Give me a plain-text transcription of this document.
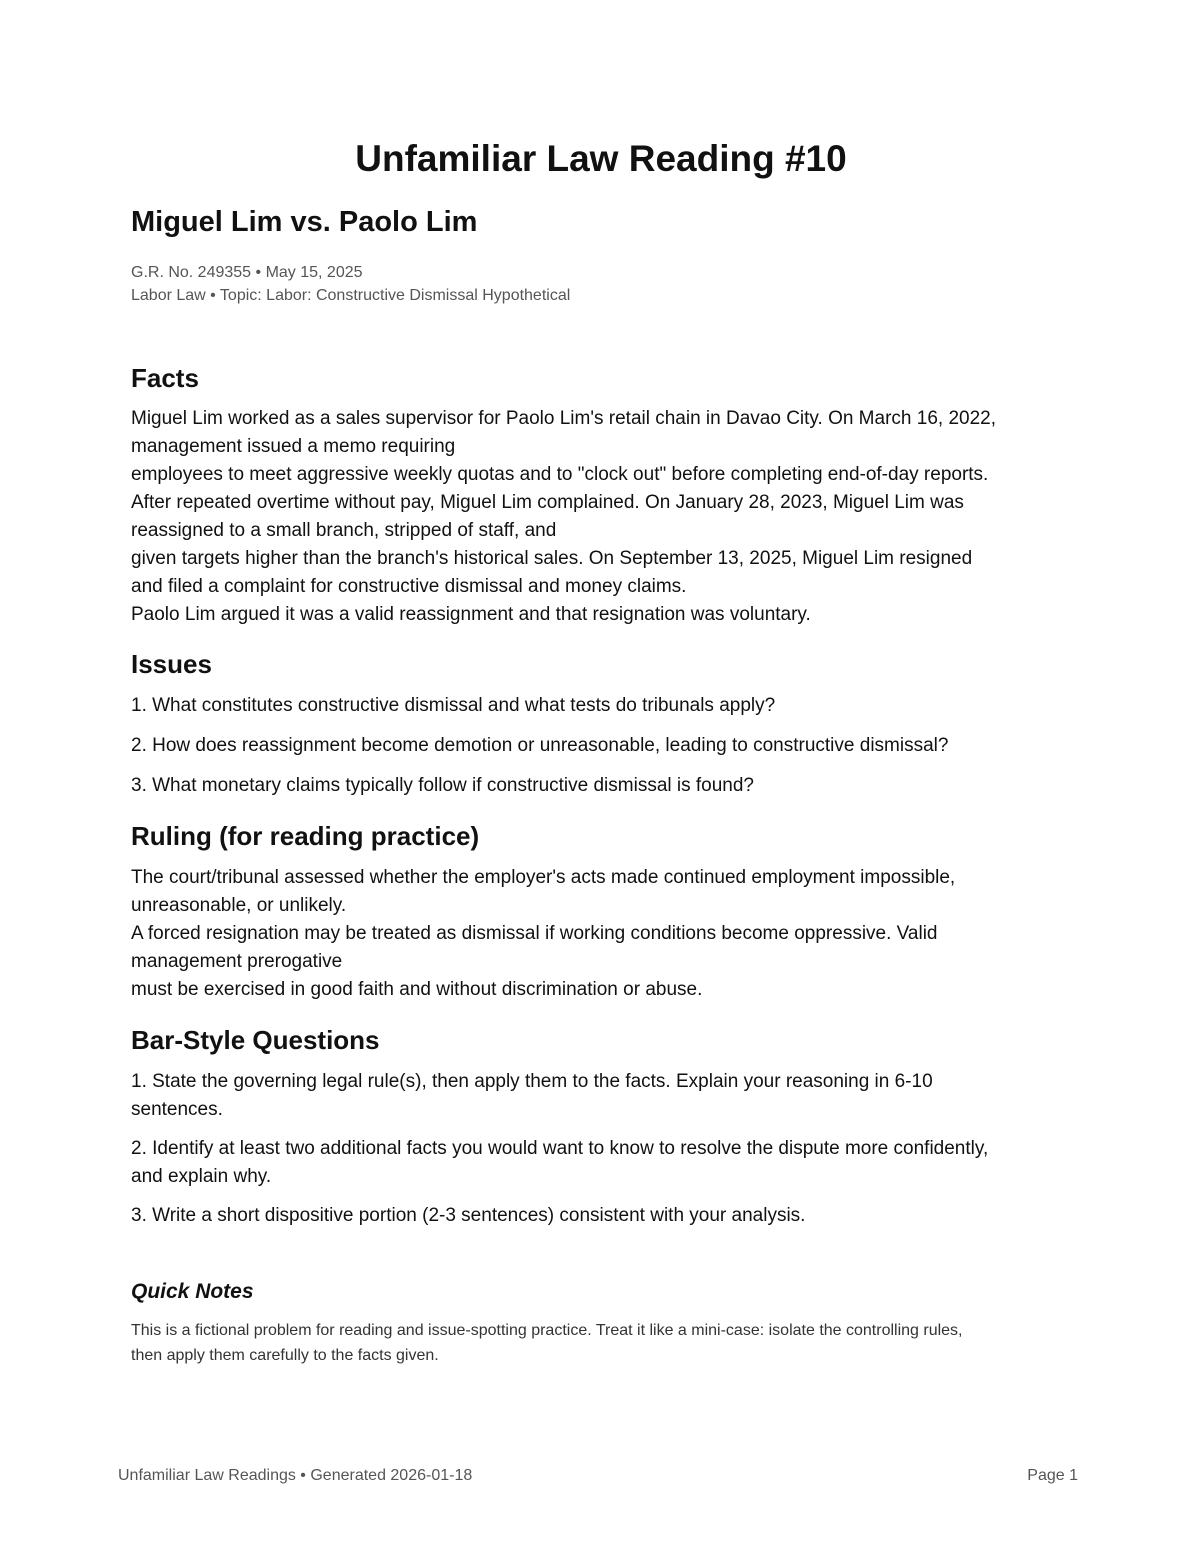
Unfamiliar Law Reading #10
Miguel Lim vs. Paolo Lim
G.R. No. 249355 • May 15, 2025
Labor Law • Topic: Labor: Constructive Dismissal Hypothetical
Facts
Miguel Lim worked as a sales supervisor for Paolo Lim's retail chain in Davao City. On March 16, 2022,
management issued a memo requiring
employees to meet aggressive weekly quotas and to "clock out" before completing end-of-day reports.
After repeated overtime without pay, Miguel Lim complained. On January 28, 2023, Miguel Lim was
reassigned to a small branch, stripped of staff, and
given targets higher than the branch's historical sales. On September 13, 2025, Miguel Lim resigned
and filed a complaint for constructive dismissal and money claims.
Paolo Lim argued it was a valid reassignment and that resignation was voluntary.
Issues
1. What constitutes constructive dismissal and what tests do tribunals apply?
2. How does reassignment become demotion or unreasonable, leading to constructive dismissal?
3. What monetary claims typically follow if constructive dismissal is found?
Ruling (for reading practice)
The court/tribunal assessed whether the employer's acts made continued employment impossible,
unreasonable, or unlikely.
A forced resignation may be treated as dismissal if working conditions become oppressive. Valid
management prerogative
must be exercised in good faith and without discrimination or abuse.
Bar-Style Questions
1. State the governing legal rule(s), then apply them to the facts. Explain your reasoning in 6-10
sentences.
2. Identify at least two additional facts you would want to know to resolve the dispute more confidently,
and explain why.
3. Write a short dispositive portion (2-3 sentences) consistent with your analysis.
Quick Notes
This is a fictional problem for reading and issue-spotting practice. Treat it like a mini-case: isolate the controlling rules,
then apply them carefully to the facts given.
Unfamiliar Law Readings • Generated 2026-01-18	Page 1
